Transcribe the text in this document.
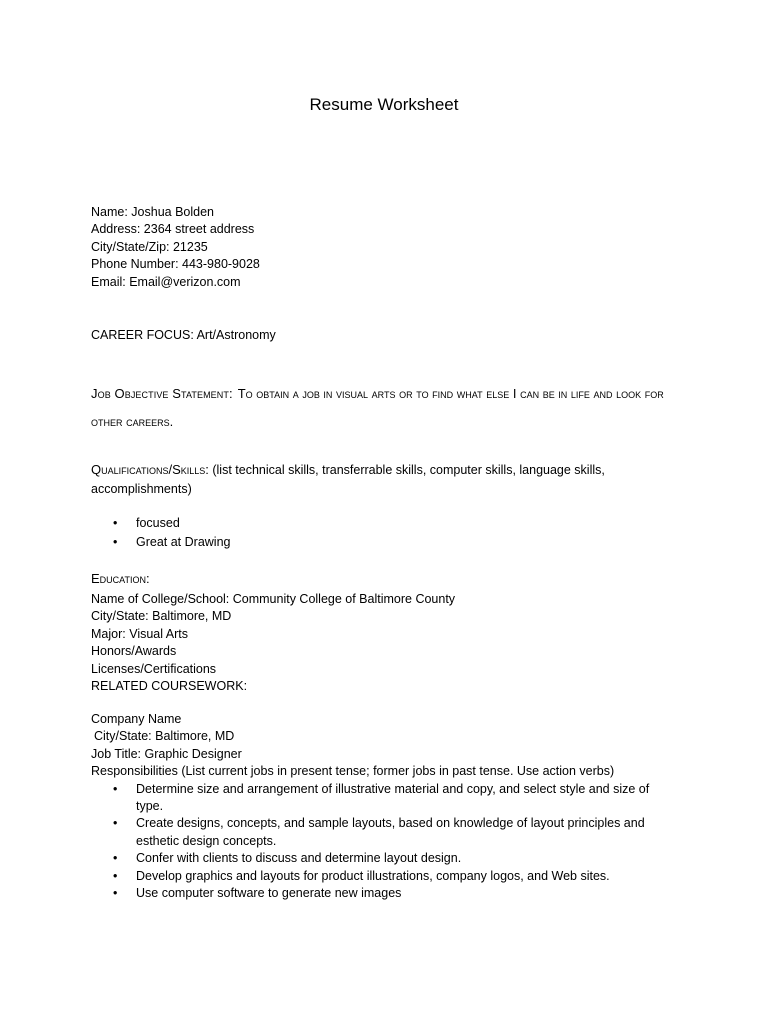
Resume Worksheet
Name: Joshua Bolden
Address: 2364 street address
City/State/Zip: 21235
Phone Number: 443-980-9028
Email: Email@verizon.com
CAREER FOCUS: Art/Astronomy
Job Objective Statement: To obtain a job in visual arts or to find what else I can be in life and look for other careers.
Qualifications/Skills: (list technical skills, transferrable skills, computer skills, language skills, accomplishments)
• focused
• Great at Drawing
Education:
Name of College/School: Community College of Baltimore County
City/State: Baltimore, MD
Major: Visual Arts
Honors/Awards
Licenses/Certifications
RELATED COURSEWORK:
Company Name
City/State: Baltimore, MD
Job Title: Graphic Designer
Responsibilities (List current jobs in present tense; former jobs in past tense. Use action verbs)
• Determine size and arrangement of illustrative material and copy, and select style and size of type.
• Create designs, concepts, and sample layouts, based on knowledge of layout principles and esthetic design concepts.
• Confer with clients to discuss and determine layout design.
• Develop graphics and layouts for product illustrations, company logos, and Web sites.
• Use computer software to generate new images
